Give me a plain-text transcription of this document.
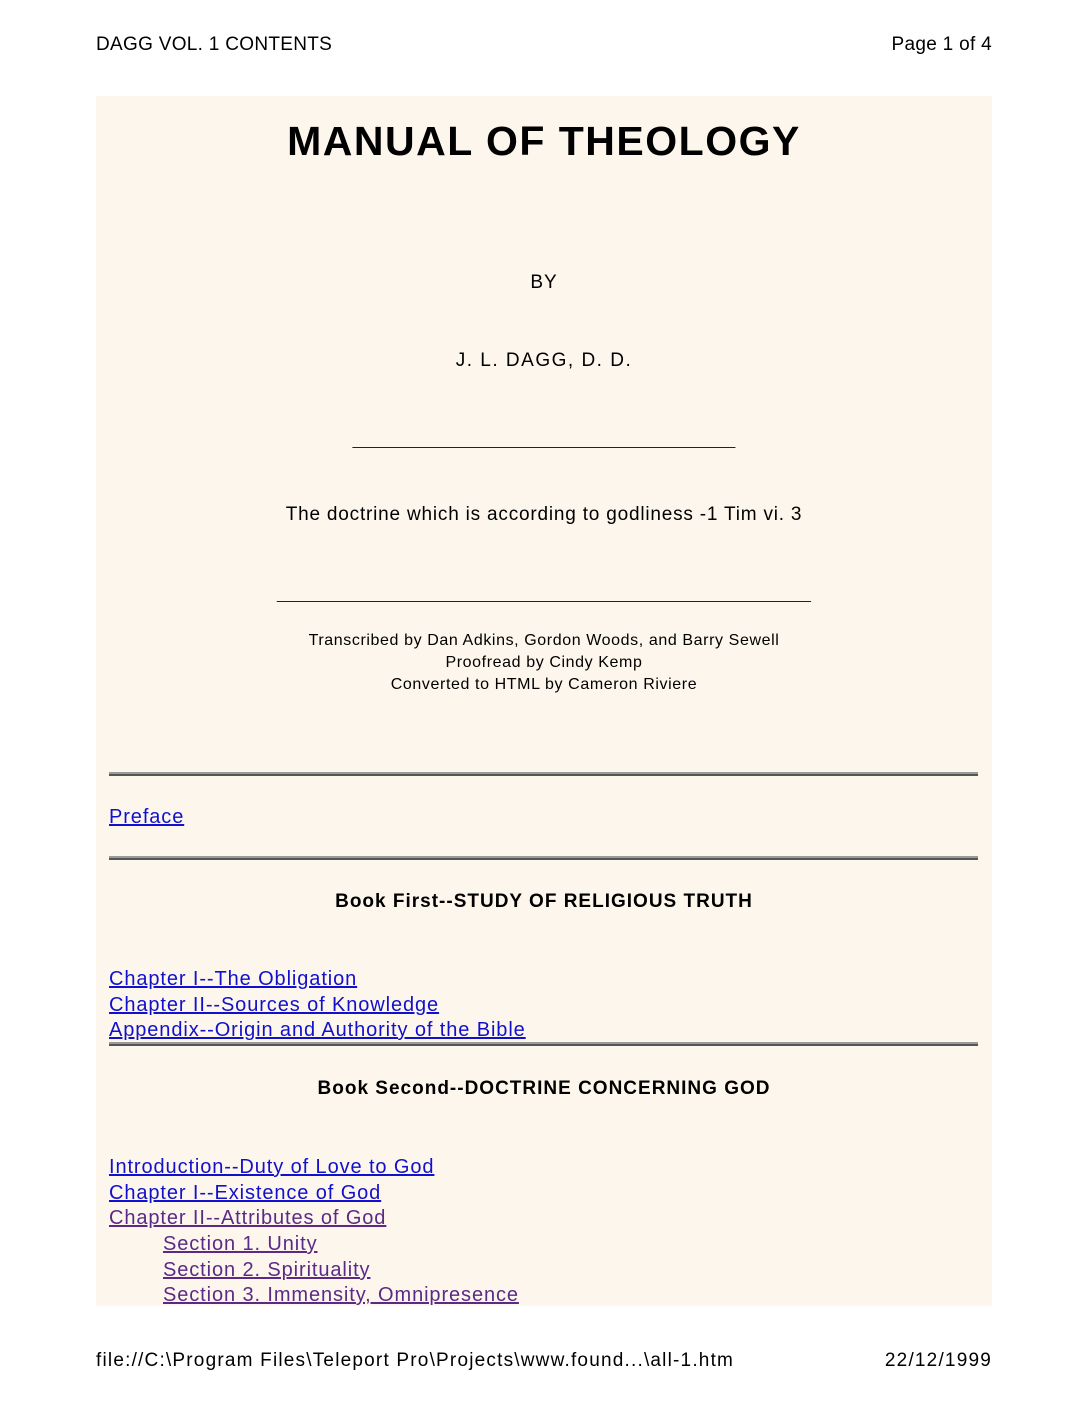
DAGG VOL. 1 CONTENTS	Page 1 of 4
MANUAL OF THEOLOGY
BY
J. L. DAGG, D. D.
___________________________________________
The doctrine which is according to godliness -1 Tim vi. 3
____________________________________________________________
Transcribed by Dan Adkins, Gordon Woods, and Barry Sewell
Proofread by Cindy Kemp
Converted to HTML by Cameron Riviere
Preface
Book First--STUDY OF RELIGIOUS TRUTH
Chapter I--The Obligation
Chapter II--Sources of Knowledge
Appendix--Origin and Authority of the Bible
Book Second--DOCTRINE CONCERNING GOD
Introduction--Duty of Love to God
Chapter I--Existence of God
Chapter II--Attributes of God
Section 1. Unity
Section 2. Spirituality
Section 3. Immensity, Omnipresence
file://C:\Program Files\Teleport Pro\Projects\www.found...\all-1.htm	22/12/1999
